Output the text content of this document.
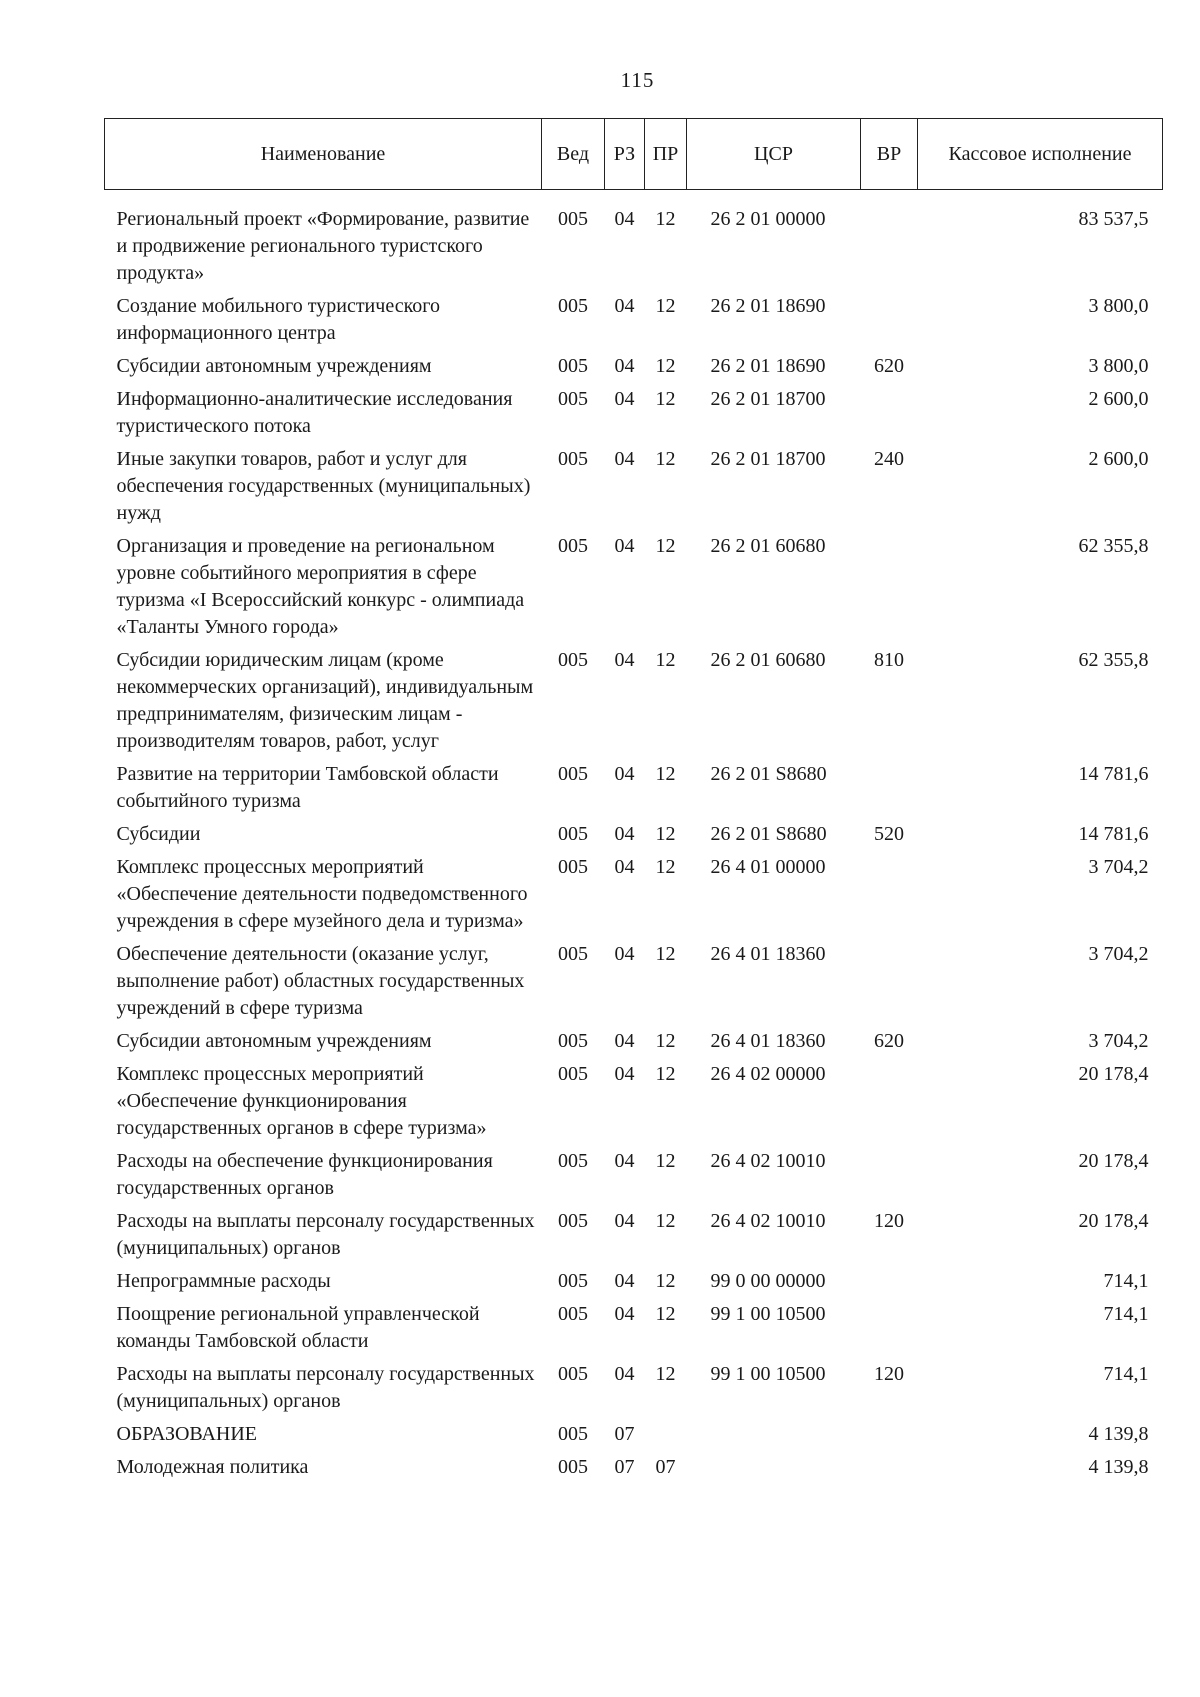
115
Наименование	Вед	РЗ	ПР	ЦСР	ВР	Кассовое исполнение
Региональный проект «Формирование, развитие и продвижение регионального туристского продукта»	005	04	12	26 2 01 00000		83 537,5
Создание мобильного туристического информационного центра	005	04	12	26 2 01 18690		3 800,0
Субсидии автономным учреждениям	005	04	12	26 2 01 18690	620	3 800,0
Информационно-аналитические исследования туристического потока	005	04	12	26 2 01 18700		2 600,0
Иные закупки товаров, работ и услуг для обеспечения государственных (муниципальных) нужд	005	04	12	26 2 01 18700	240	2 600,0
Организация и проведение на региональном уровне событийного мероприятия в сфере туризма «I Всероссийский конкурс - олимпиада «Таланты Умного города»	005	04	12	26 2 01 60680		62 355,8
Субсидии юридическим лицам (кроме некоммерческих организаций), индивидуальным предпринимателям, физическим лицам - производителям товаров, работ, услуг	005	04	12	26 2 01 60680	810	62 355,8
Развитие на территории Тамбовской области событийного туризма	005	04	12	26 2 01 S8680		14 781,6
Субсидии	005	04	12	26 2 01 S8680	520	14 781,6
Комплекс процессных мероприятий «Обеспечение деятельности подведомственного учреждения в сфере музейного дела и туризма»	005	04	12	26 4 01 00000		3 704,2
Обеспечение деятельности (оказание услуг, выполнение работ) областных государственных учреждений в сфере туризма	005	04	12	26 4 01 18360		3 704,2
Субсидии автономным учреждениям	005	04	12	26 4 01 18360	620	3 704,2
Комплекс процессных мероприятий «Обеспечение функционирования государственных органов в сфере туризма»	005	04	12	26 4 02 00000		20 178,4
Расходы на обеспечение функционирования государственных органов	005	04	12	26 4 02 10010		20 178,4
Расходы на выплаты персоналу государственных (муниципальных) органов	005	04	12	26 4 02 10010	120	20 178,4
Непрограммные расходы	005	04	12	99 0 00 00000		714,1
Поощрение региональной управленческой команды Тамбовской области	005	04	12	99 1 00 10500		714,1
Расходы на выплаты персоналу государственных (муниципальных) органов	005	04	12	99 1 00 10500	120	714,1
ОБРАЗОВАНИЕ	005	07				4 139,8
Молодежная политика	005	07	07			4 139,8
